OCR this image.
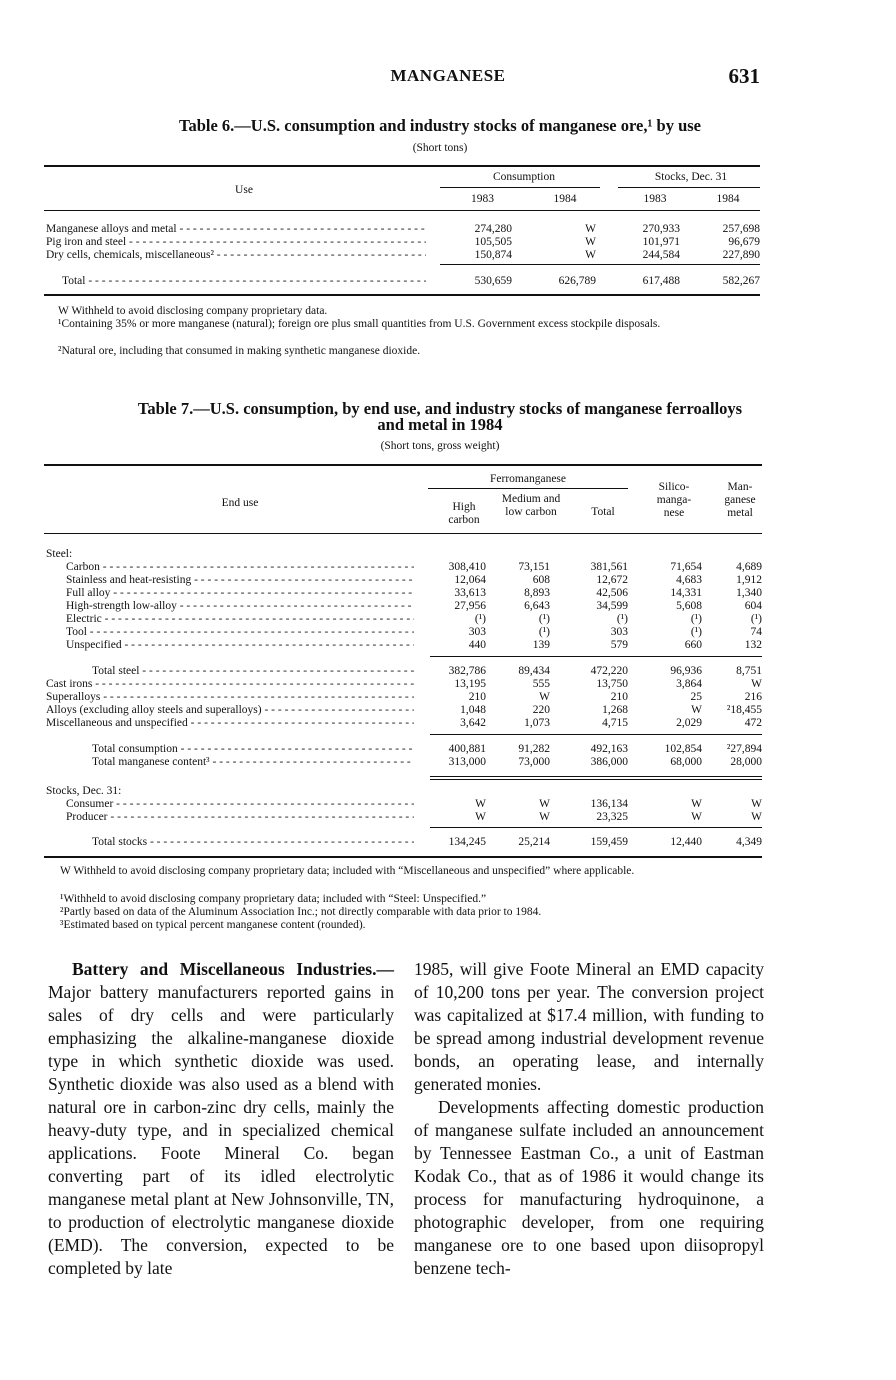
MANGANESE	631
Table 6.—U.S. consumption and industry stocks of manganese ore,¹ by use
(Short tons)
Use
Consumption	Stocks, Dec. 31
1983	1984	1983	1984
Manganese alloys and metal - - -	274,280	W	270,933	257,698
Pig iron and steel - - -	105,505	W	101,971	96,679
Dry cells, chemicals, miscellaneous² - - -	150,874	W	244,584	227,890
Total - - -	530,659	626,789	617,488	582,267
W Withheld to avoid disclosing company proprietary data.
¹Containing 35% or more manganese (natural); foreign ore plus small quantities from U.S. Government excess stockpile disposals.
²Natural ore, including that consumed in making synthetic manganese dioxide.
Table 7.—U.S. consumption, by end use, and industry stocks of manganese ferroalloys
and metal in 1984
(Short tons, gross weight)
End use
Ferromanganese
High carbon
Medium and low carbon	Total
Silico- manga- nese
Man- ganese metal
Steel:
Carbon - - -	308,410	73,151	381,561	71,654	4,689
Stainless and heat-resisting - - -	12,064	608	12,672	4,683	1,912
Full alloy - - -	33,613	8,893	42,506	14,331	1,340
High-strength low-alloy - - -	27,956	6,643	34,599	5,608	604
Electric - - -	(¹)	(¹)	(¹)	(¹)	(¹)
Tool - - -	303	(¹)	303	(¹)	74
Unspecified - - -	440	139	579	660	132
Total steel - - -	382,786	89,434	472,220	96,936	8,751
Cast irons - - -	13,195	555	13,750	3,864	W
Superalloys - - -	210	W	210	25	216
Alloys (excluding alloy steels and superalloys) - - -	1,048	220	1,268	W	²18,455
Miscellaneous and unspecified - - -	3,642	1,073	4,715	2,029	472
Total consumption - - -	400,881	91,282	492,163	102,854	²27,894
Total manganese content³ - - -	313,000	73,000	386,000	68,000	28,000
Stocks, Dec. 31:
Consumer - - -	W	W	136,134	W	W
Producer - - -	W	W	23,325	W	W
Total stocks - - -	134,245	25,214	159,459	12,440	4,349
W Withheld to avoid disclosing company proprietary data; included with “Miscellaneous and unspecified” where applicable.
¹Withheld to avoid disclosing company proprietary data; included with “Steel: Unspecified.”
²Partly based on data of the Aluminum Association Inc.; not directly comparable with data prior to 1984.
³Estimated based on typical percent manganese content (rounded).

Battery and Miscellaneous Industries.— Major battery manufacturers reported gains in sales of dry cells and were particularly emphasizing the alkaline-manganese dioxide type in which synthetic dioxide was used. Synthetic dioxide was also used as a blend with natural ore in carbon-zinc dry cells, mainly the heavy-duty type, and in specialized chemical applications. Foote Mineral Co. began converting part of its idled electrolytic manganese metal plant at New Johnsonville, TN, to production of electrolytic manganese dioxide (EMD). The conversion, expected to be completed by late

1985, will give Foote Mineral an EMD capacity of 10,200 tons per year. The conversion project was capitalized at $17.4 million, with funding to be spread among industrial development revenue bonds, an operating lease, and internally generated monies.

Developments affecting domestic production of manganese sulfate included an announcement by Tennessee Eastman Co., a unit of Eastman Kodak Co., that as of 1986 it would change its process for manufacturing hydroquinone, a photographic developer, from one requiring manganese ore to one based upon diisopropyl benzene tech-
